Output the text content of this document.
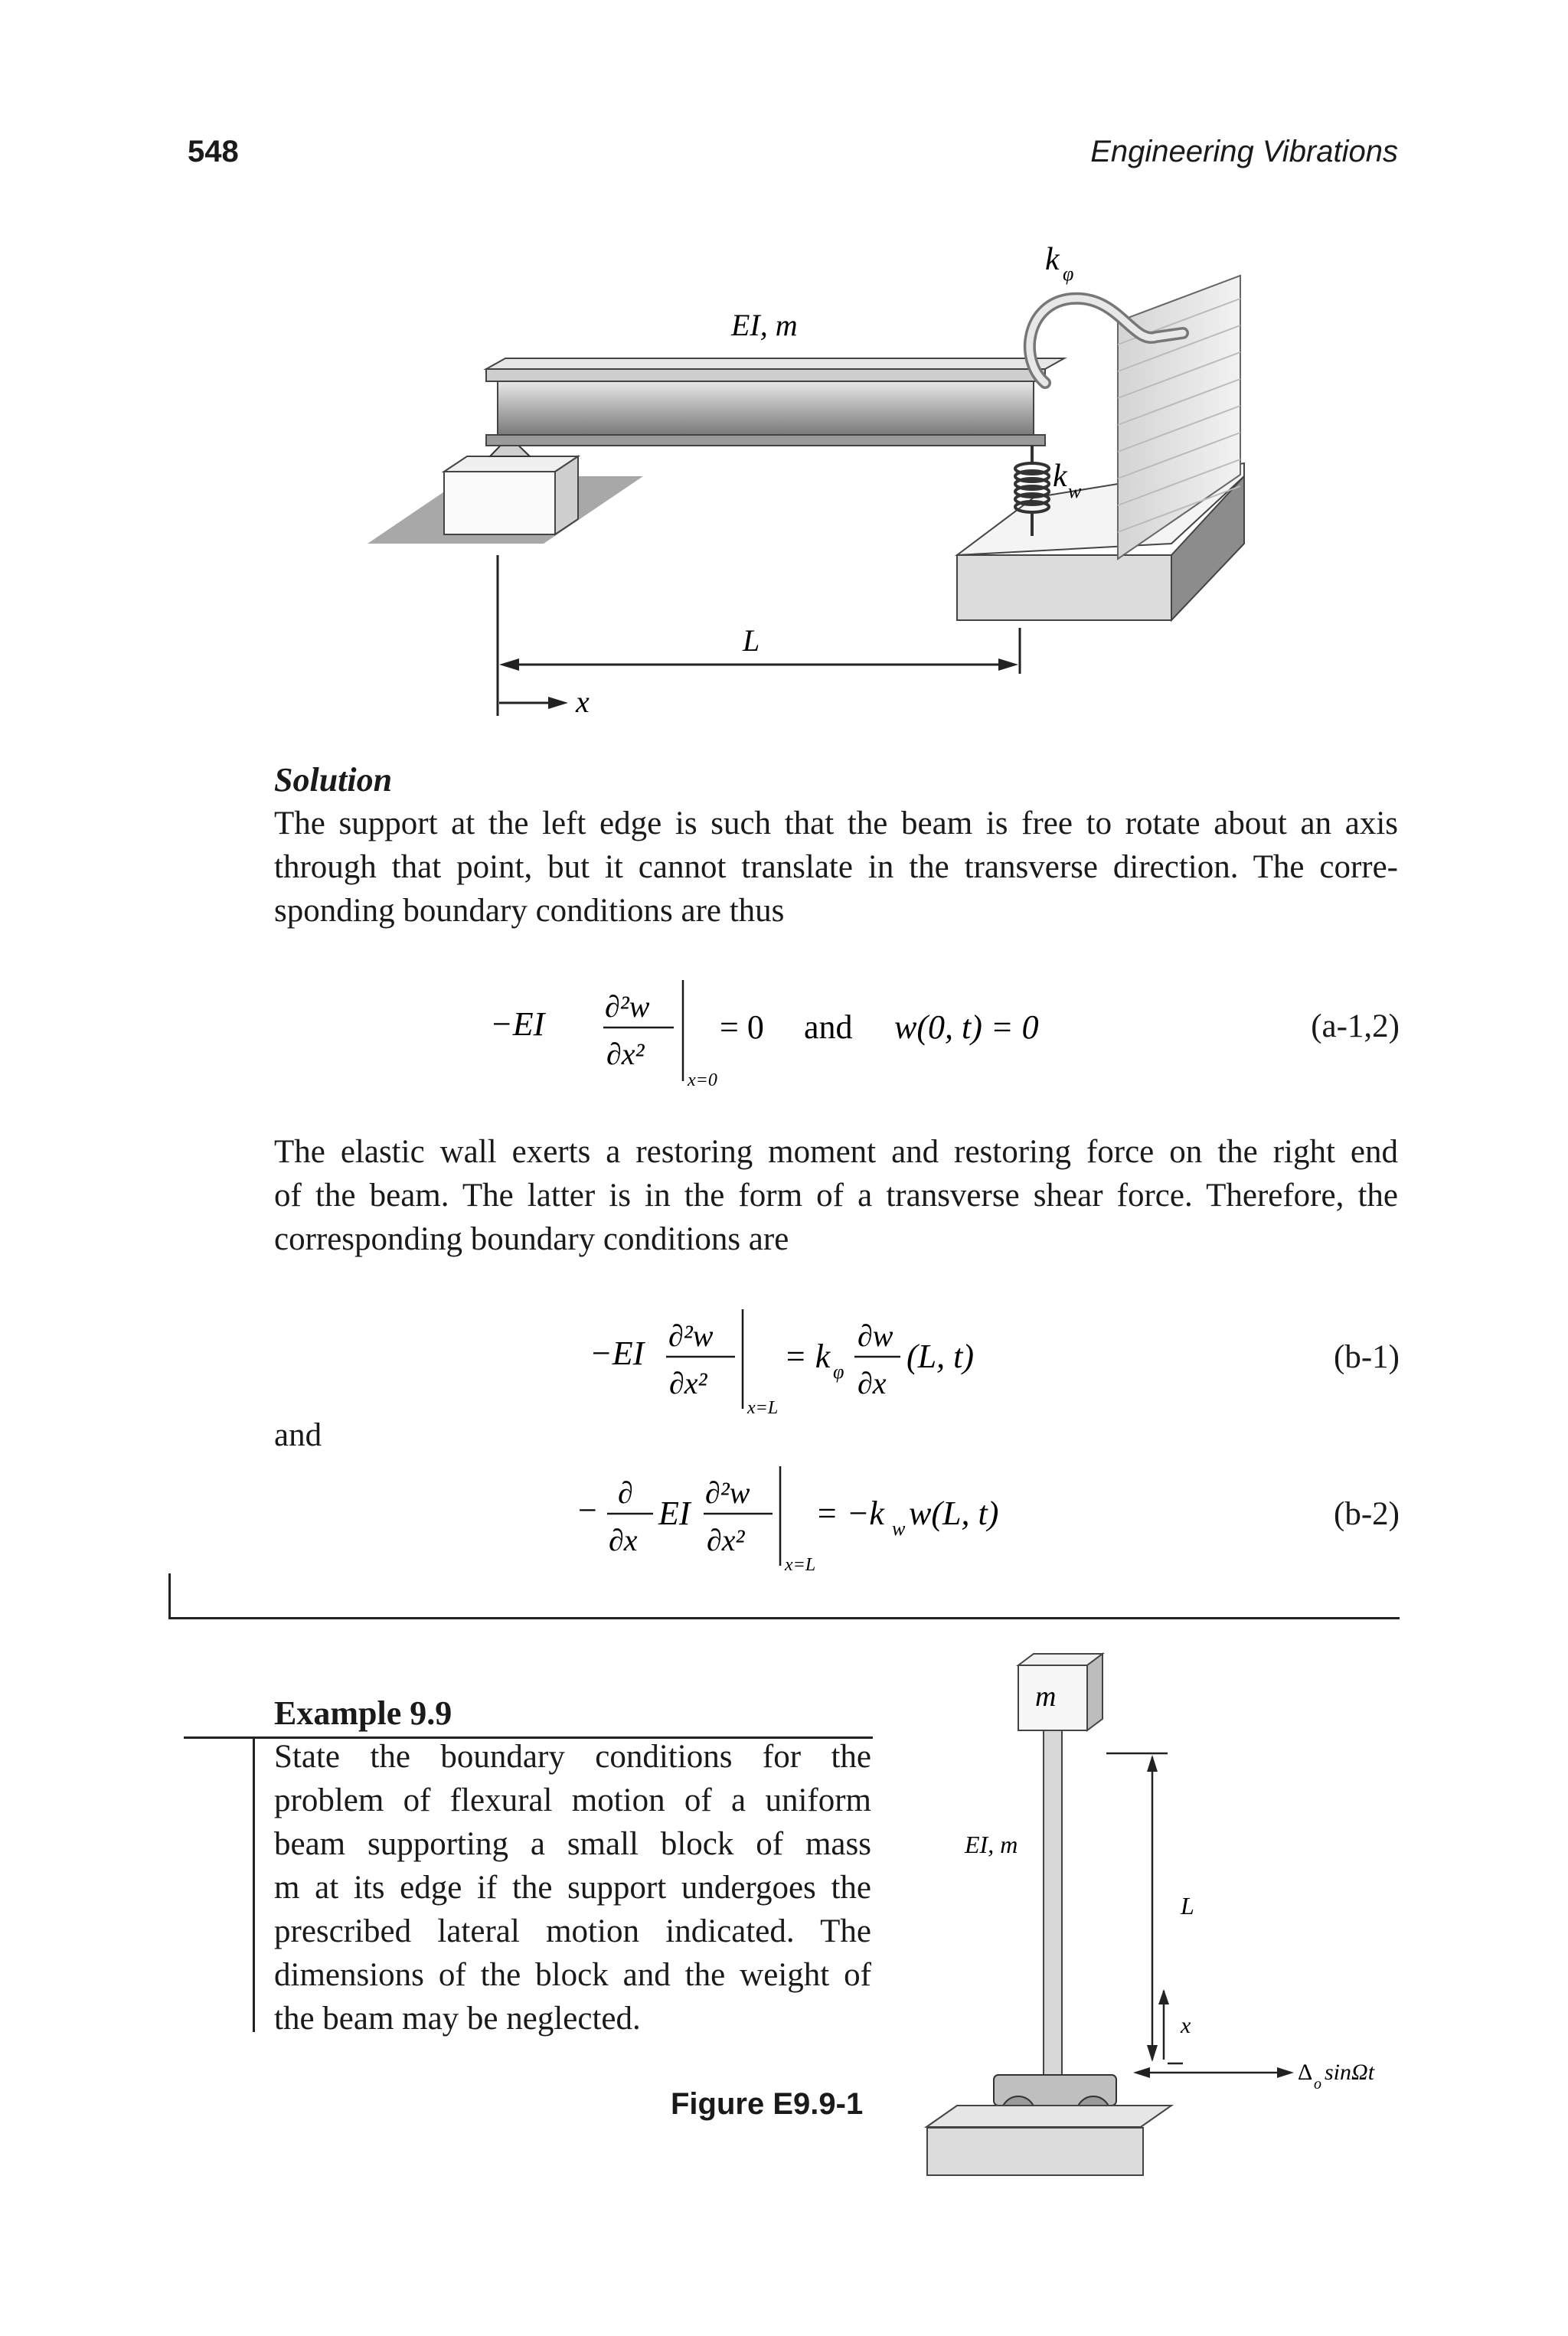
548	Engineering Vibrations
EI, m
k φ
k w
L
x
Solution
The support at the left edge is such that the beam is free to rotate about an axis
through that point, but it cannot translate in the transverse direction. The corre-
sponding boundary conditions are thus
−EI ∂²w
∂x²
x=0
= 0 and w(0, t) = 0	(a-1,2)
The elastic wall exerts a restoring moment and restoring force on the right end
of the beam. The latter is in the form of a transverse shear force. Therefore, the
corresponding boundary conditions are
−EI ∂²w
∂x²
x=L
= k φ
∂w
∂x
(L, t)	(b-1)
and
− ∂
∂x
EI
∂²w
∂x²
x=L
= −k w w(L, t)	(b-2)
Example 9.9
State the boundary conditions for the
problem of flexural motion of a uniform
beam supporting a small block of mass
m at its edge if the support undergoes the
prescribed lateral motion indicated. The
dimensions of the block and the weight of
the beam may be neglected.
m
EI, m
L
x
Δ o sinΩt
Figure E9.9-1
